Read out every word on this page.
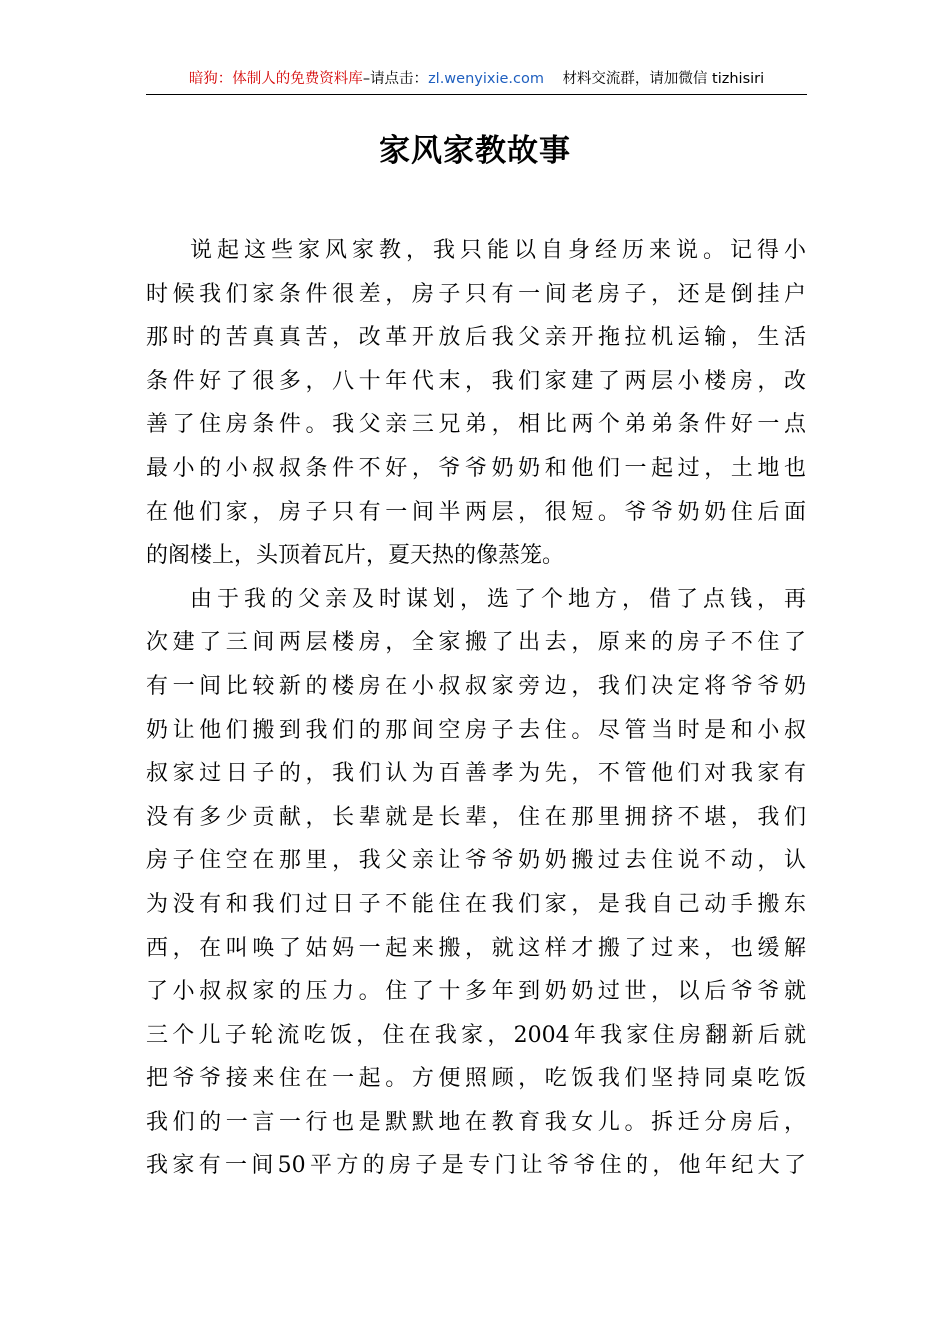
暗狗：体制人的免费资料库–请点击：zl.wenyixie.com 材料交流群，请加微信 tizhisiri
家风家教故事
说起这些家风家教，我只能以自身经历来说。记得小
时候我们家条件很差，房子只有一间老房子，还是倒挂户
那时的苦真真苦，改革开放后我父亲开拖拉机运输，生活
条件好了很多，八十年代末，我们家建了两层小楼房，改
善了住房条件。我父亲三兄弟，相比两个弟弟条件好一点
最小的小叔叔条件不好，爷爷奶奶和他们一起过，土地也
在他们家，房子只有一间半两层，很短。爷爷奶奶住后面
的阁楼上，头顶着瓦片，夏天热的像蒸笼。
由于我的父亲及时谋划，选了个地方，借了点钱，再
次建了三间两层楼房，全家搬了出去，原来的房子不住了
有一间比较新的楼房在小叔叔家旁边，我们决定将爷爷奶
奶让他们搬到我们的那间空房子去住。尽管当时是和小叔
叔家过日子的，我们认为百善孝为先，不管他们对我家有
没有多少贡献，长辈就是长辈，住在那里拥挤不堪，我们
房子住空在那里，我父亲让爷爷奶奶搬过去住说不动，认
为没有和我们过日子不能住在我们家，是我自己动手搬东
西，在叫唤了姑妈一起来搬，就这样才搬了过来，也缓解
了小叔叔家的压力。住了十多年到奶奶过世，以后爷爷就
三个儿子轮流吃饭，住在我家，2004年我家住房翻新后就
把爷爷接来住在一起。方便照顾，吃饭我们坚持同桌吃饭
我们的一言一行也是默默地在教育我女儿。拆迁分房后，
我家有一间50平方的房子是专门让爷爷住的，他年纪大了
